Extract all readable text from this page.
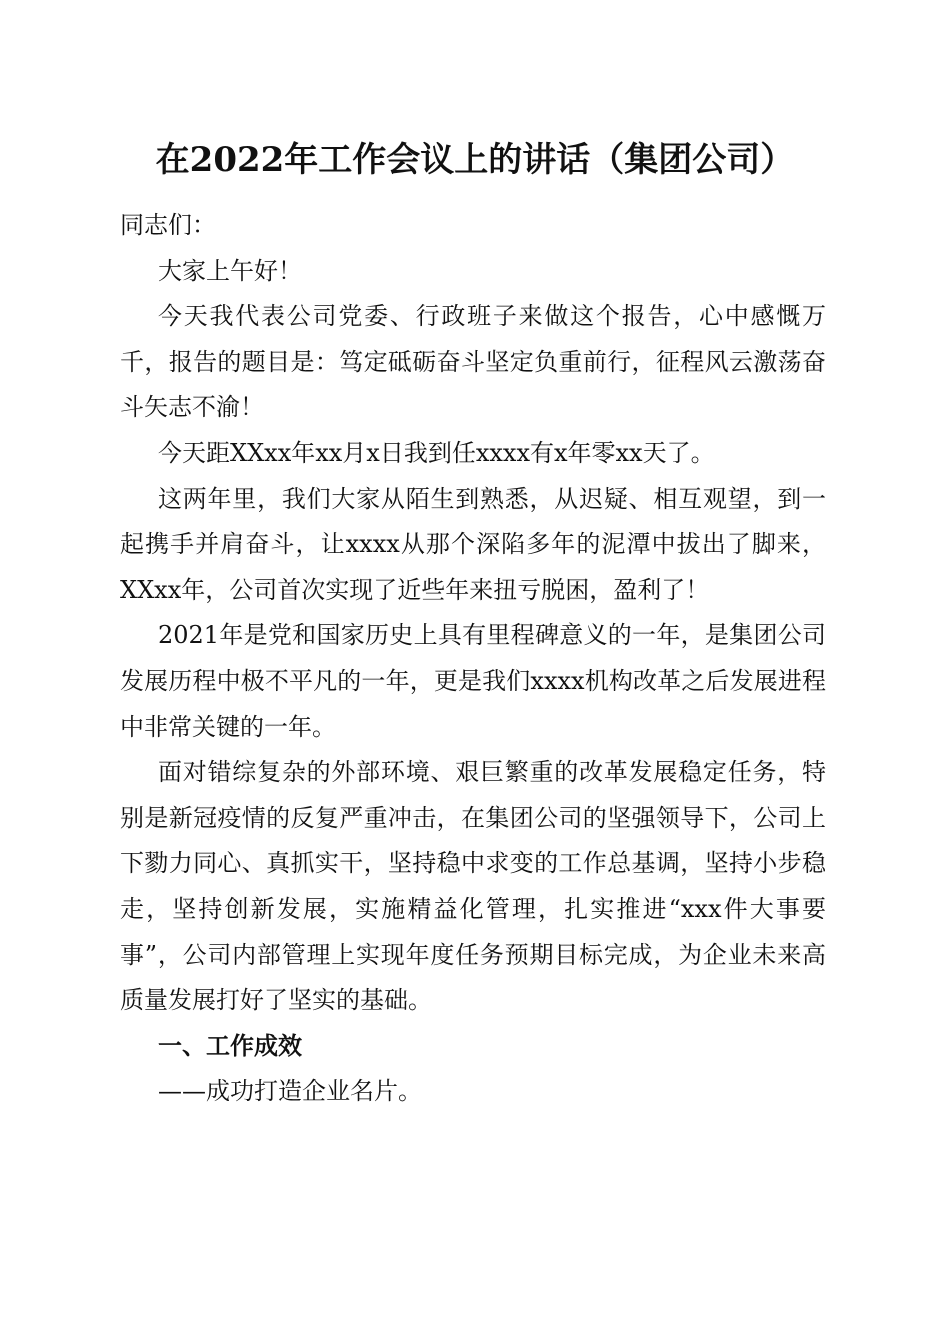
在2022年工作会议上的讲话（集团公司）

同志们：

大家上午好！

今天我代表公司党委、行政班子来做这个报告，心中感慨万千，报告的题目是：笃定砥砺奋斗坚定负重前行，征程风云激荡奋斗矢志不渝！

今天距XXxx年xx月x日我到任xxxx有x年零xx天了。

这两年里，我们大家从陌生到熟悉，从迟疑、相互观望，到一起携手并肩奋斗，让xxxx从那个深陷多年的泥潭中拔出了脚来，XXxx年，公司首次实现了近些年来扭亏脱困，盈利了！

2021年是党和国家历史上具有里程碑意义的一年，是集团公司发展历程中极不平凡的一年，更是我们xxxx机构改革之后发展进程中非常关键的一年。

面对错综复杂的外部环境、艰巨繁重的改革发展稳定任务，特别是新冠疫情的反复严重冲击，在集团公司的坚强领导下，公司上下勠力同心、真抓实干，坚持稳中求变的工作总基调，坚持小步稳走，坚持创新发展，实施精益化管理，扎实推进“xxx件大事要事”，公司内部管理上实现年度任务预期目标完成，为企业未来高质量发展打好了坚实的基础。

一、工作成效

——成功打造企业名片。
